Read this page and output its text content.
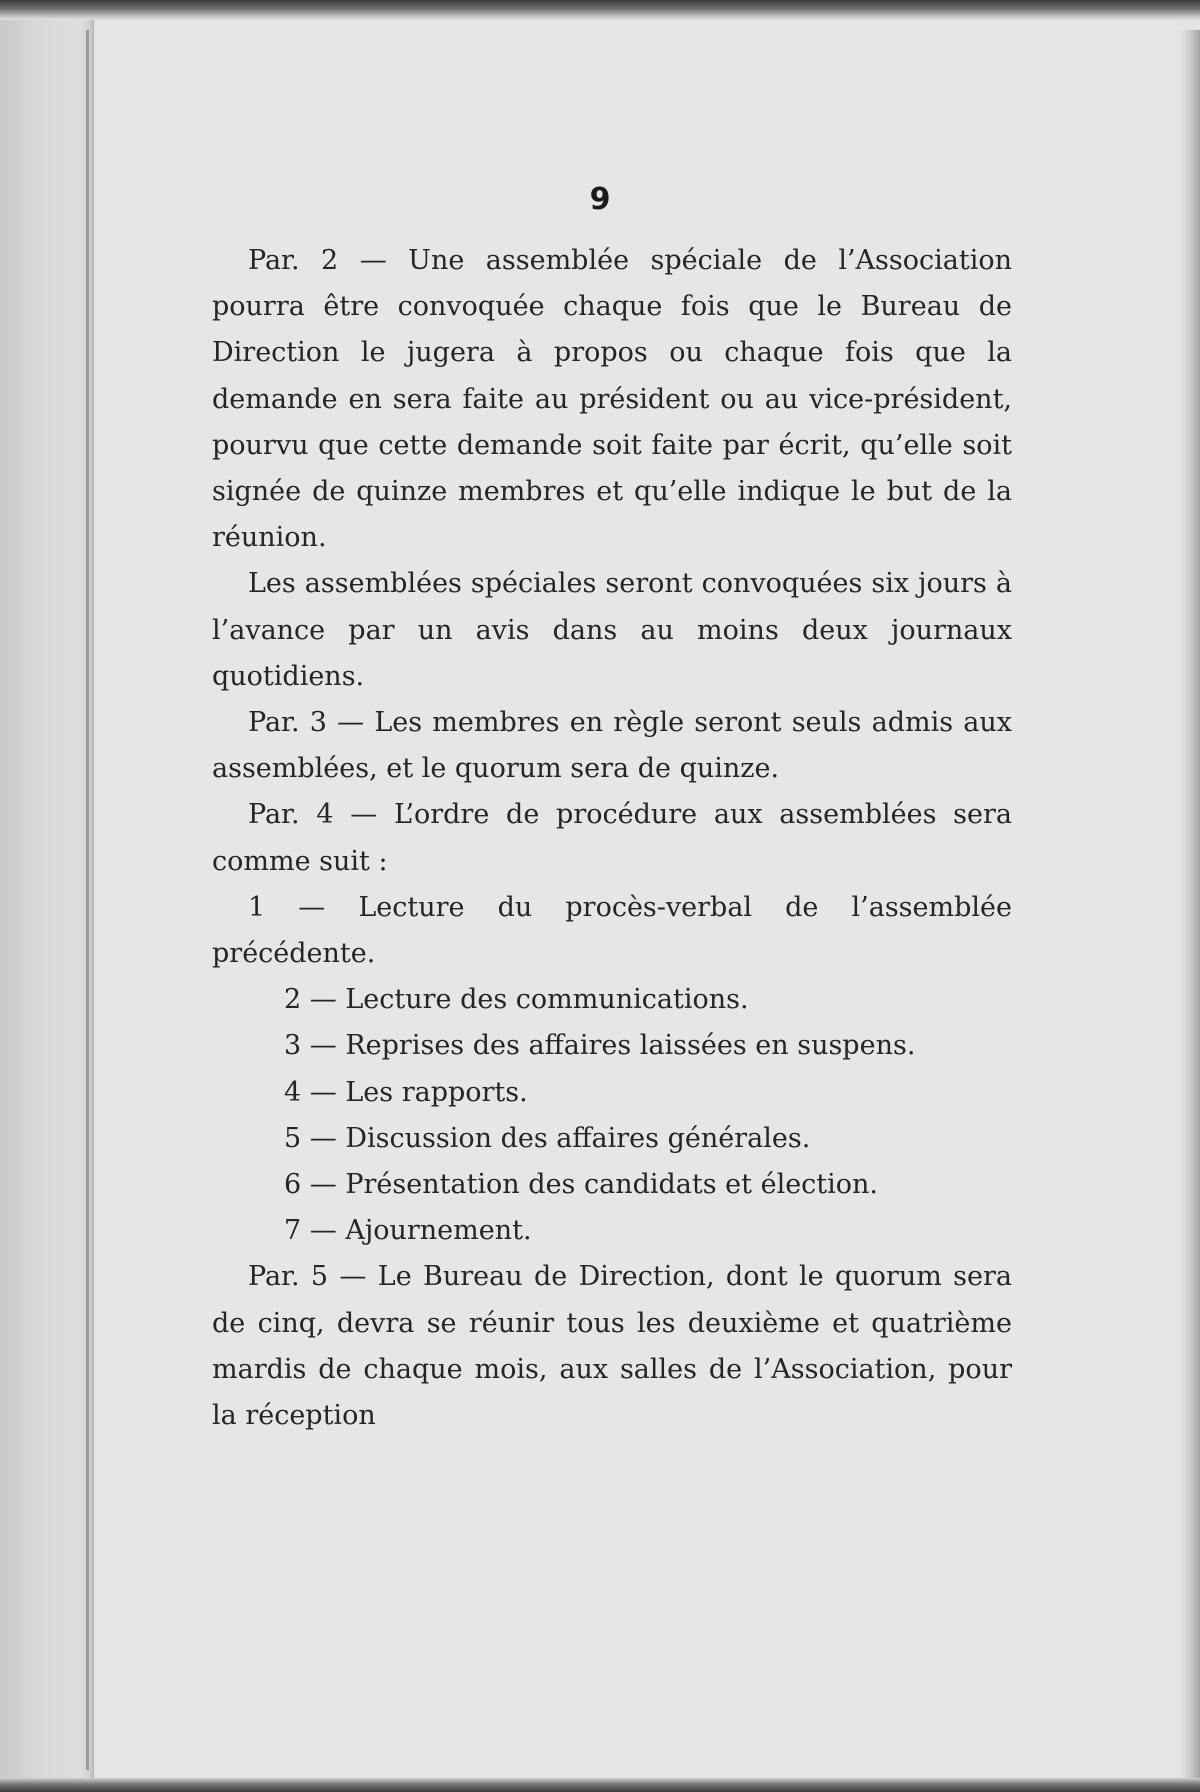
9

Par. 2 — Une assemblée spéciale de l’Association pourra être convoquée chaque fois que le Bureau de Direction le jugera à propos ou chaque fois que la demande en sera faite au président ou au vice-président, pourvu que cette demande soit faite par écrit, qu’elle soit signée de quinze membres et qu’elle indique le but de la réunion.

Les assemblées spéciales seront convoquées six jours à l’avance par un avis dans au moins deux journaux quotidiens.

Par. 3 — Les membres en règle seront seuls admis aux assemblées, et le quorum sera de quinze.

Par. 4 — L’ordre de procédure aux assemblées sera comme suit :

1 — Lecture du procès-verbal de l’assemblée précédente.

2 — Lecture des communications.

3 — Reprises des affaires laissées en suspens.

4 — Les rapports.

5 — Discussion des affaires générales.

6 — Présentation des candidats et élection.

7 — Ajournement.

Par. 5 — Le Bureau de Direction, dont le quorum sera de cinq, devra se réunir tous les deuxième et quatrième mardis de chaque mois, aux salles de l’Association, pour la réception
